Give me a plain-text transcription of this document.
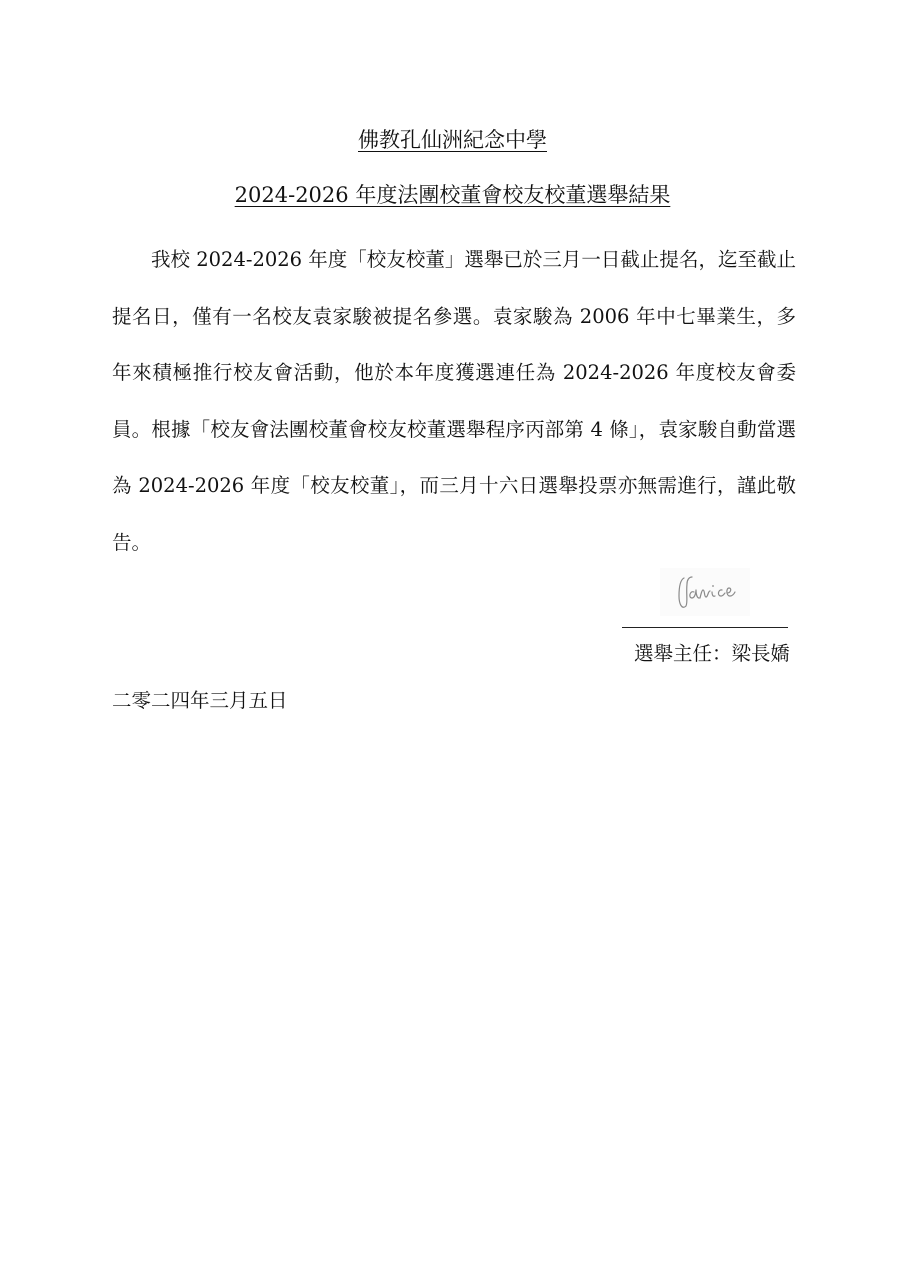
佛教孔仙洲紀念中學
2024-2026 年度法團校董會校友校董選舉結果

我校 2024-2026 年度「校友校董」選舉已於三月一日截止提名，迄至截止提名日，僅有一名校友袁家駿被提名參選。袁家駿為 2006 年中七畢業生，多年來積極推行校友會活動，他於本年度獲選連任為 2024-2026 年度校友會委員。根據「校友會法團校董會校友校董選舉程序丙部第 4 條」，袁家駿自動當選為 2024-2026 年度「校友校董」，而三月十六日選舉投票亦無需進行，謹此敬告。

選舉主任：梁長嬌
二零二四年三月五日
